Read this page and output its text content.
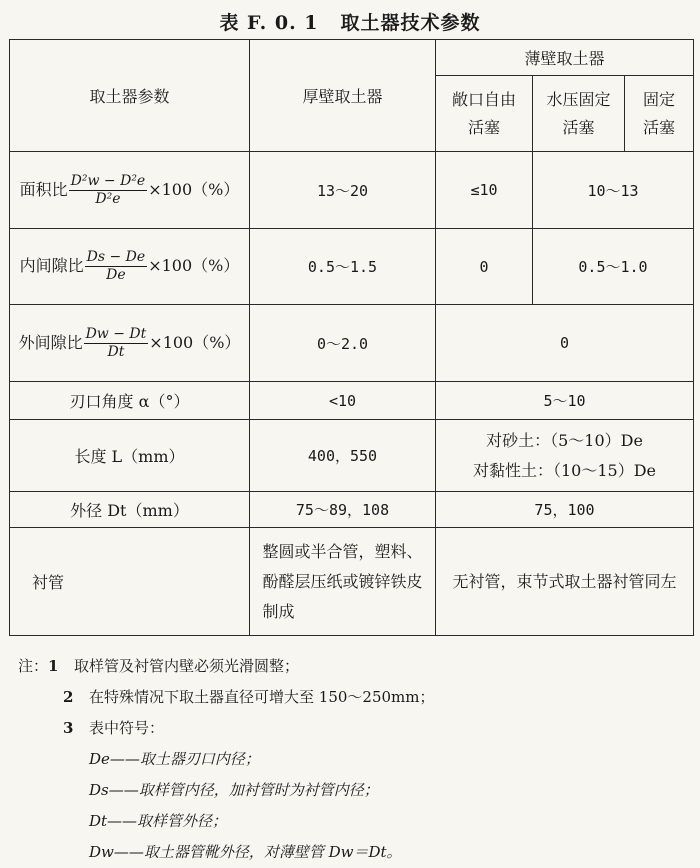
表 F. 0. 1 取土器技术参数
取土器参数	厚壁取土器	薄壁取土器		

		敞口自由活塞	水压固定活塞	固定活塞

面积比 $\frac{\text{D²w − D²e}}{\text{D²e}} \times 100(\%)$	13～20	≤10	10～13	
内间隙比 $\frac{Ds - De}{De} \times 100(\%)$	0.5～1.5	0	0.5～1.0	
外间隙比 $\frac{Dw - Dt}{Dt} \times 100(\%)$	0～2.0	0		
刃口角度 α（°）	<10	5～10		
长度 L（mm）	400，550	对砂土：（5～10）De
对黏性土：（10～15）De		

外径 Dt（mm）	75～89，108	75，100		
衬管	整圆或半合管，塑料、酚醛层压纸或镀锌铁皮制成	无衬管，束节式取土器衬管同左		
注：1 取样管及衬管内壁必须光滑圆整；
2 在特殊情况下取土器直径可增大至 150～250mm；
3 表中符号：
De——取土器刃口内径；
Ds——取样管内径，加衬管时为衬管内径；
Dt——取样管外径；
Dw——取土器管靴外径，对薄壁管 Dw＝Dt。
